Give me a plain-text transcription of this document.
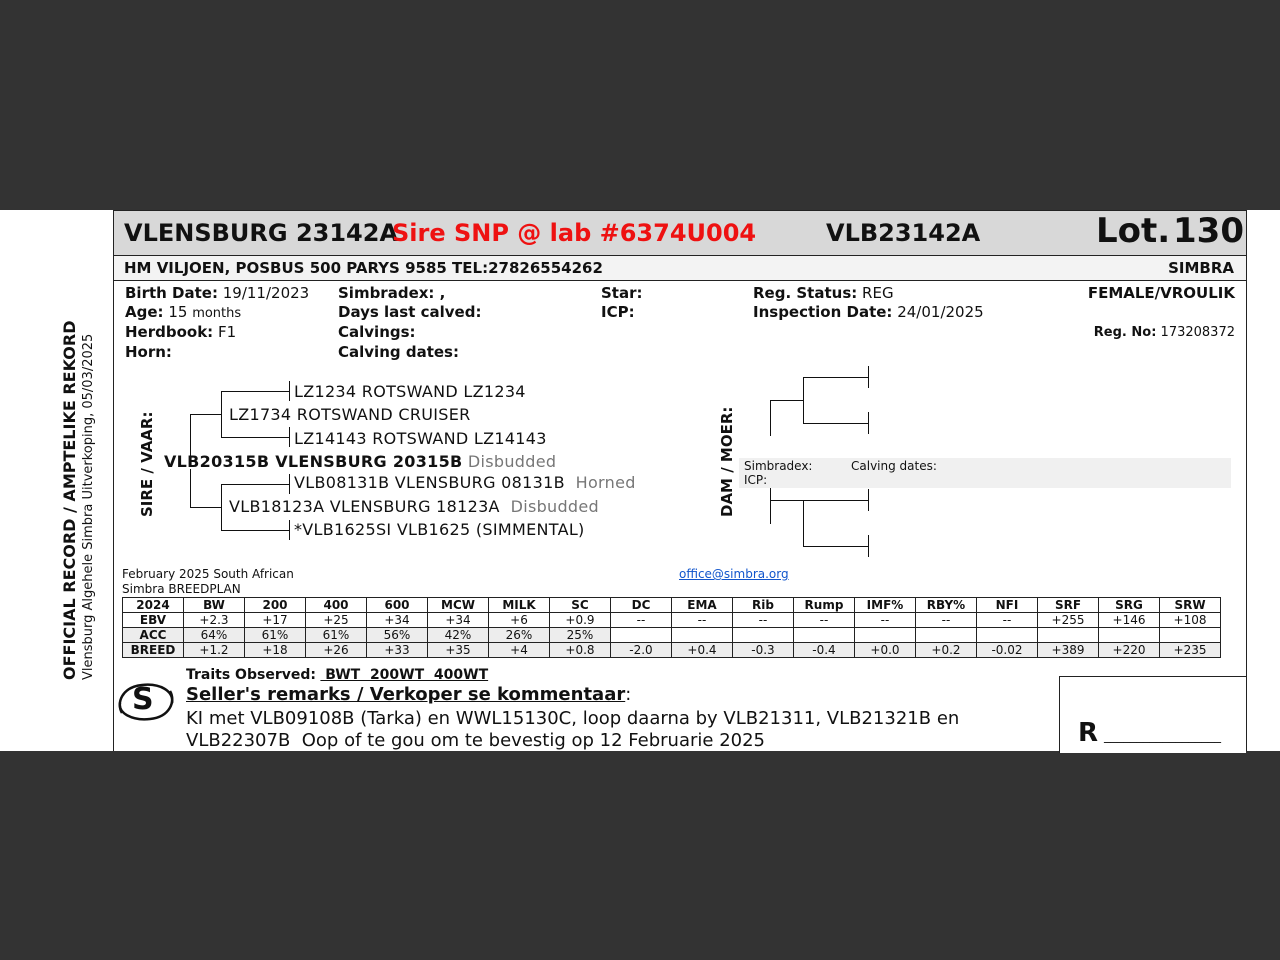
OFFICIAL RECORD / AMPTELIKE REKORD Vlensburg Algehele Simbra Uitverkoping, 05/03/2025
VLENSBURG 23142A
Sire SNP @ lab #6374U004	VLB23142A	Lot. 130
HM VILJOEN, POSBUS 500 PARYS 9585 TEL:27826554262	SIMBRA
Birth Date: 19/11/2023
Age: 15 months
Herdbook: F1
Horn:
Simbradex: ,
Days last calved:
Calvings:
Calving dates:
Star:
ICP:
Reg. Status: REG
Inspection Date: 24/01/2025
FEMALE/VROULIK
Reg. No: 173208372
SIRE / VAAR:
LZ1234 ROTSWAND LZ1234
LZ1734 ROTSWAND CRUISER
LZ14143 ROTSWAND LZ14143
VLB20315B VLENSBURG 20315B Disbudded
VLB08131B VLENSBURG 08131B Horned
VLB18123A VLENSBURG 18123A Disbudded
*VLB1625SI VLB1625 (SIMMENTAL)
DAM / MOER: Simbradex:	Calving dates:
ICP:
February 2025 South African
Simbra BREEDPLAN
office@simbra.org
2024	BW	200	400	600	MCW	MILK	SC	DC	EMA	Rib	Rump	IMF%	RBY%	NFI	SRF	SRG	SRW
EBV	+2.3	+17	+25	+34	+34	+6	+0.9	--	--	--	--	--	--	--	+255	+146	+108
ACC	64%	61%	61%	56%	42%	26%	25%										
BREED	+1.2	+18	+26	+33	+35	+4	+0.8	-2.0	+0.4	-0.3	-0.4	+0.0	+0.2	-0.02	+389	+220	+235
Traits Observed:  BWT  200WT  400WT
S Seller's remarks / Verkoper se kommentaar:
KI met VLB09108B (Tarka) en WWL15130C, loop daarna by VLB21311, VLB21321B en
VLB22307B  Oop of te gou om te bevestig op 12 Februarie 2025	R __________________
